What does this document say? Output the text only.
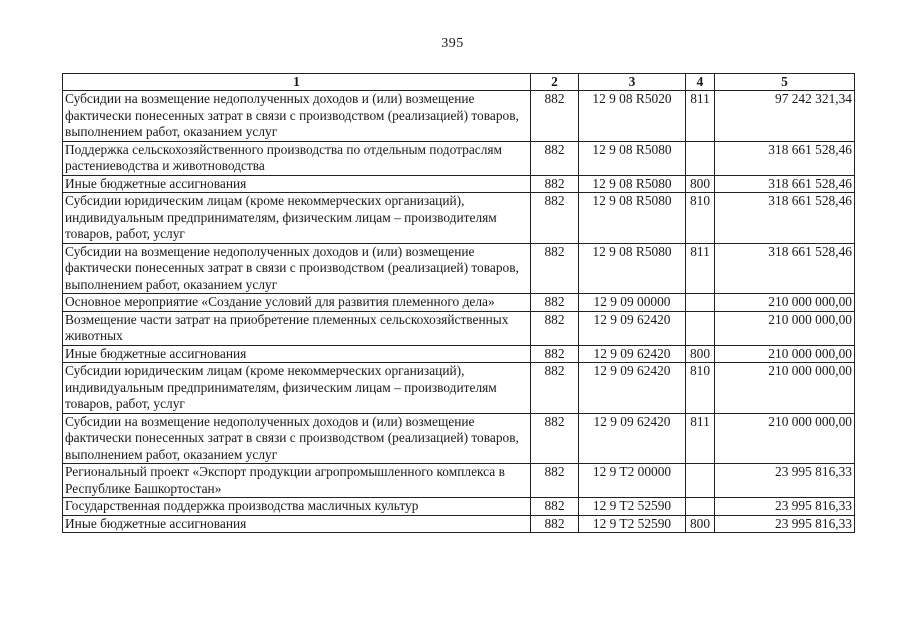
395
1	2	3	4	5
Субсидии на возмещение недополученных доходов и (или) возмещение фактически понесенных затрат в связи с производством (реализацией) товаров, выполнением работ, оказанием услуг	882	12 9 08 R5020	811	97 242 321,34
Поддержка сельскохозяйственного производства по отдельным подотраслям растениеводства и животноводства	882	12 9 08 R5080		318 661 528,46
Иные бюджетные ассигнования	882	12 9 08 R5080	800	318 661 528,46
Субсидии юридическим лицам (кроме некоммерческих организаций), индивидуальным предпринимателям, физическим лицам – производителям товаров, работ, услуг	882	12 9 08 R5080	810	318 661 528,46
Субсидии на возмещение недополученных доходов и (или) возмещение фактически понесенных затрат в связи с производством (реализацией) товаров, выполнением работ, оказанием услуг	882	12 9 08 R5080	811	318 661 528,46
Основное мероприятие «Создание условий для развития племенного дела»	882	12 9 09 00000		210 000 000,00
Возмещение части затрат на приобретение племенных сельскохозяйственных животных	882	12 9 09 62420		210 000 000,00
Иные бюджетные ассигнования	882	12 9 09 62420	800	210 000 000,00
Субсидии юридическим лицам (кроме некоммерческих организаций), индивидуальным предпринимателям, физическим лицам – производителям товаров, работ, услуг	882	12 9 09 62420	810	210 000 000,00
Субсидии на возмещение недополученных доходов и (или) возмещение фактически понесенных затрат в связи с производством (реализацией) товаров, выполнением работ, оказанием услуг	882	12 9 09 62420	811	210 000 000,00
Региональный проект «Экспорт продукции агропромышленного комплекса в Республике Башкортостан»	882	12 9 T2 00000		23 995 816,33
Государственная поддержка производства масличных культур	882	12 9 T2 52590		23 995 816,33
Иные бюджетные ассигнования	882	12 9 T2 52590	800	23 995 816,33
